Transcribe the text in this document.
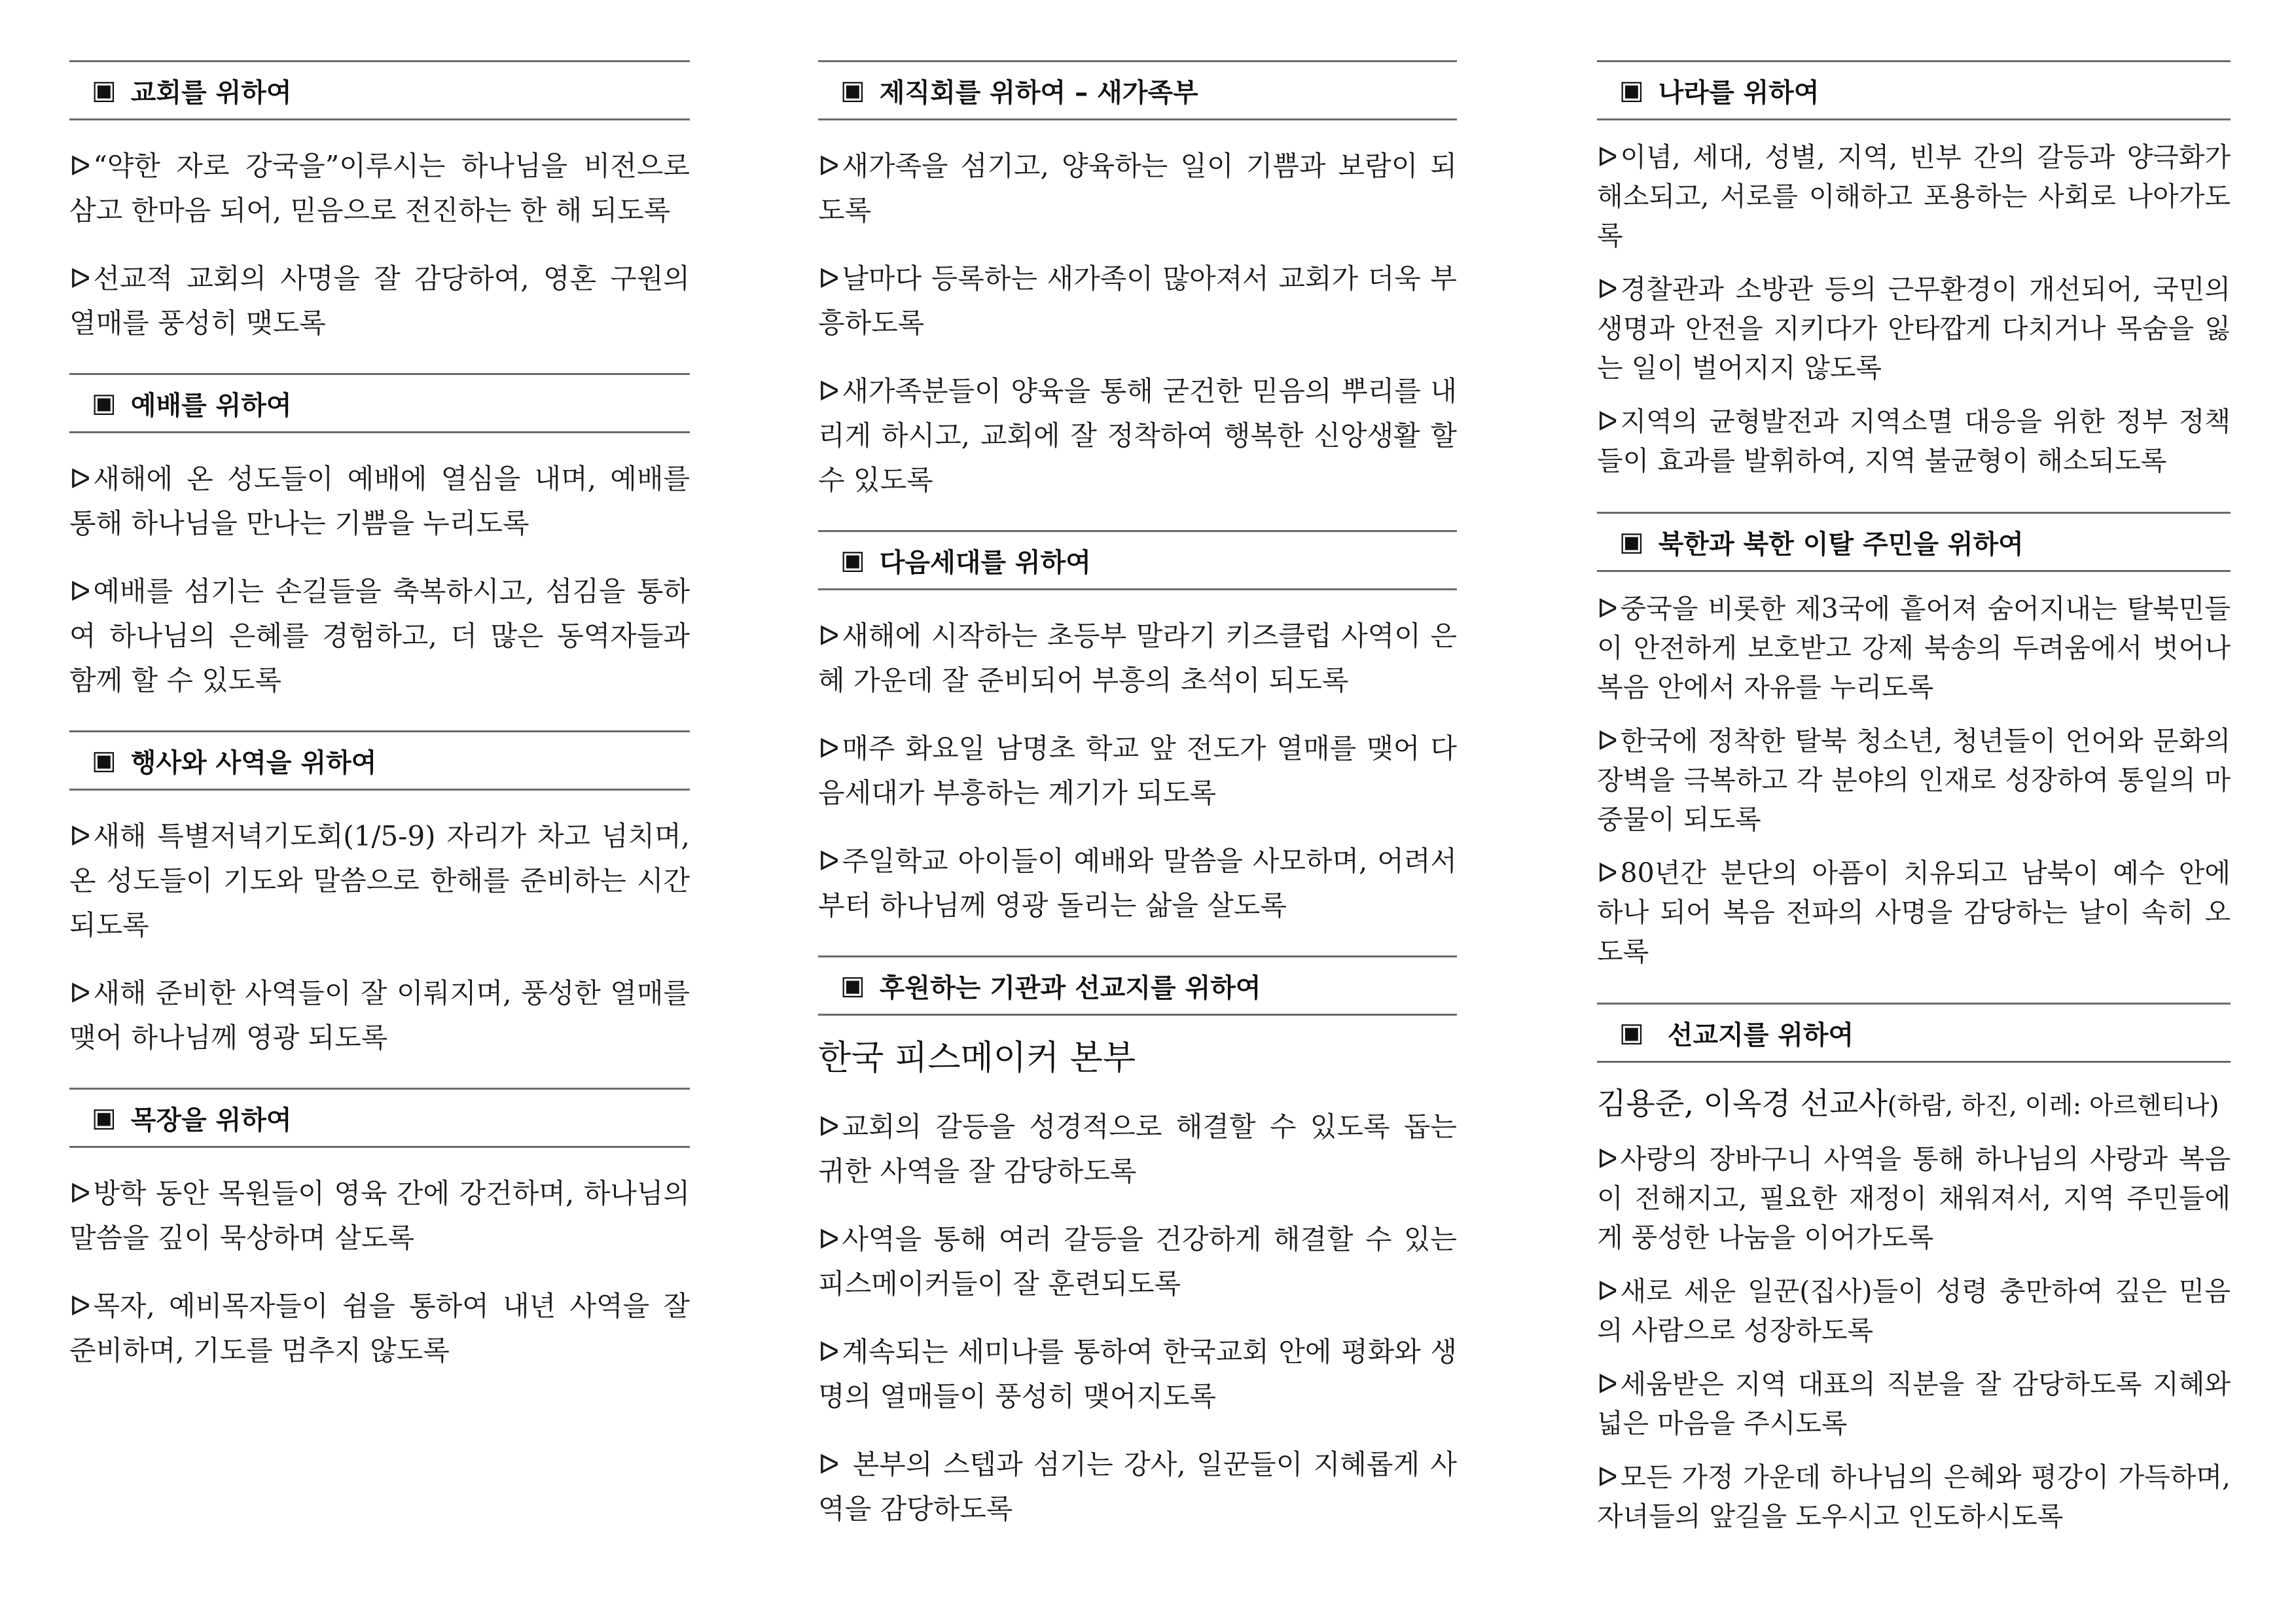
▣ 교회를 위하여
ᐅ“약한 자로 강국을”이루시는 하나님을 비전으로 삼고 한마음 되어, 믿음으로 전진하는 한 해 되도록
ᐅ선교적 교회의 사명을 잘 감당하여, 영혼 구원의 열매를 풍성히 맺도록
▣ 예배를 위하여
ᐅ새해에 온 성도들이 예배에 열심을 내며, 예배를 통해 하나님을 만나는 기쁨을 누리도록
ᐅ예배를 섬기는 손길들을 축복하시고, 섬김을 통하여 하나님의 은혜를 경험하고, 더 많은 동역자들과 함께 할 수 있도록
▣ 행사와 사역을 위하여
ᐅ새해 특별저녁기도회(1/5-9) 자리가 차고 넘치며, 온 성도들이 기도와 말씀으로 한해를 준비하는 시간 되도록
ᐅ새해 준비한 사역들이 잘 이뤄지며, 풍성한 열매를 맺어 하나님께 영광 되도록
▣ 목장을 위하여
ᐅ방학 동안 목원들이 영육 간에 강건하며, 하나님의 말씀을 깊이 묵상하며 살도록
ᐅ목자, 예비목자들이 쉼을 통하여 내년 사역을 잘 준비하며, 기도를 멈추지 않도록
▣ 제직회를 위하여 – 새가족부
ᐅ새가족을 섬기고, 양육하는 일이 기쁨과 보람이 되도록
ᐅ날마다 등록하는 새가족이 많아져서 교회가 더욱 부흥하도록
ᐅ새가족분들이 양육을 통해 굳건한 믿음의 뿌리를 내리게 하시고, 교회에 잘 정착하여 행복한 신앙생활 할 수 있도록
▣ 다음세대를 위하여
ᐅ새해에 시작하는 초등부 말라기 키즈클럽 사역이 은혜 가운데 잘 준비되어 부흥의 초석이 되도록
ᐅ매주 화요일 남명초 학교 앞 전도가 열매를 맺어 다음세대가 부흥하는 계기가 되도록
ᐅ주일학교 아이들이 예배와 말씀을 사모하며, 어려서부터 하나님께 영광 돌리는 삶을 살도록
▣ 후원하는 기관과 선교지를 위하여
한국 피스메이커 본부
ᐅ교회의 갈등을 성경적으로 해결할 수 있도록 돕는 귀한 사역을 잘 감당하도록
ᐅ사역을 통해 여러 갈등을 건강하게 해결할 수 있는 피스메이커들이 잘 훈련되도록
ᐅ계속되는 세미나를 통하여 한국교회 안에 평화와 생명의 열매들이 풍성히 맺어지도록
ᐅ 본부의 스텝과 섬기는 강사, 일꾼들이 지혜롭게 사역을 감당하도록
▣ 나라를 위하여
ᐅ이념, 세대, 성별, 지역, 빈부 간의 갈등과 양극화가 해소되고, 서로를 이해하고 포용하는 사회로 나아가도록
ᐅ경찰관과 소방관 등의 근무환경이 개선되어, 국민의 생명과 안전을 지키다가 안타깝게 다치거나 목숨을 잃는 일이 벌어지지 않도록
ᐅ지역의 균형발전과 지역소멸 대응을 위한 정부 정책들이 효과를 발휘하여, 지역 불균형이 해소되도록
▣ 북한과 북한 이탈 주민을 위하여
ᐅ중국을 비롯한 제3국에 흩어져 숨어지내는 탈북민들이 안전하게 보호받고 강제 북송의 두려움에서 벗어나 복음 안에서 자유를 누리도록
ᐅ한국에 정착한 탈북 청소년, 청년들이 언어와 문화의 장벽을 극복하고 각 분야의 인재로 성장하여 통일의 마중물이 되도록
ᐅ80년간 분단의 아픔이 치유되고 남북이 예수 안에 하나 되어 복음 전파의 사명을 감당하는 날이 속히 오도록
▣ 선교지를 위하여
김용준, 이옥경 선교사(하람, 하진, 이레: 아르헨티나)
ᐅ사랑의 장바구니 사역을 통해 하나님의 사랑과 복음이 전해지고, 필요한 재정이 채워져서, 지역 주민들에게 풍성한 나눔을 이어가도록
ᐅ새로 세운 일꾼(집사)들이 성령 충만하여 깊은 믿음의 사람으로 성장하도록
ᐅ세움받은 지역 대표의 직분을 잘 감당하도록 지혜와 넓은 마음을 주시도록
ᐅ모든 가정 가운데 하나님의 은혜와 평강이 가득하며, 자녀들의 앞길을 도우시고 인도하시도록
